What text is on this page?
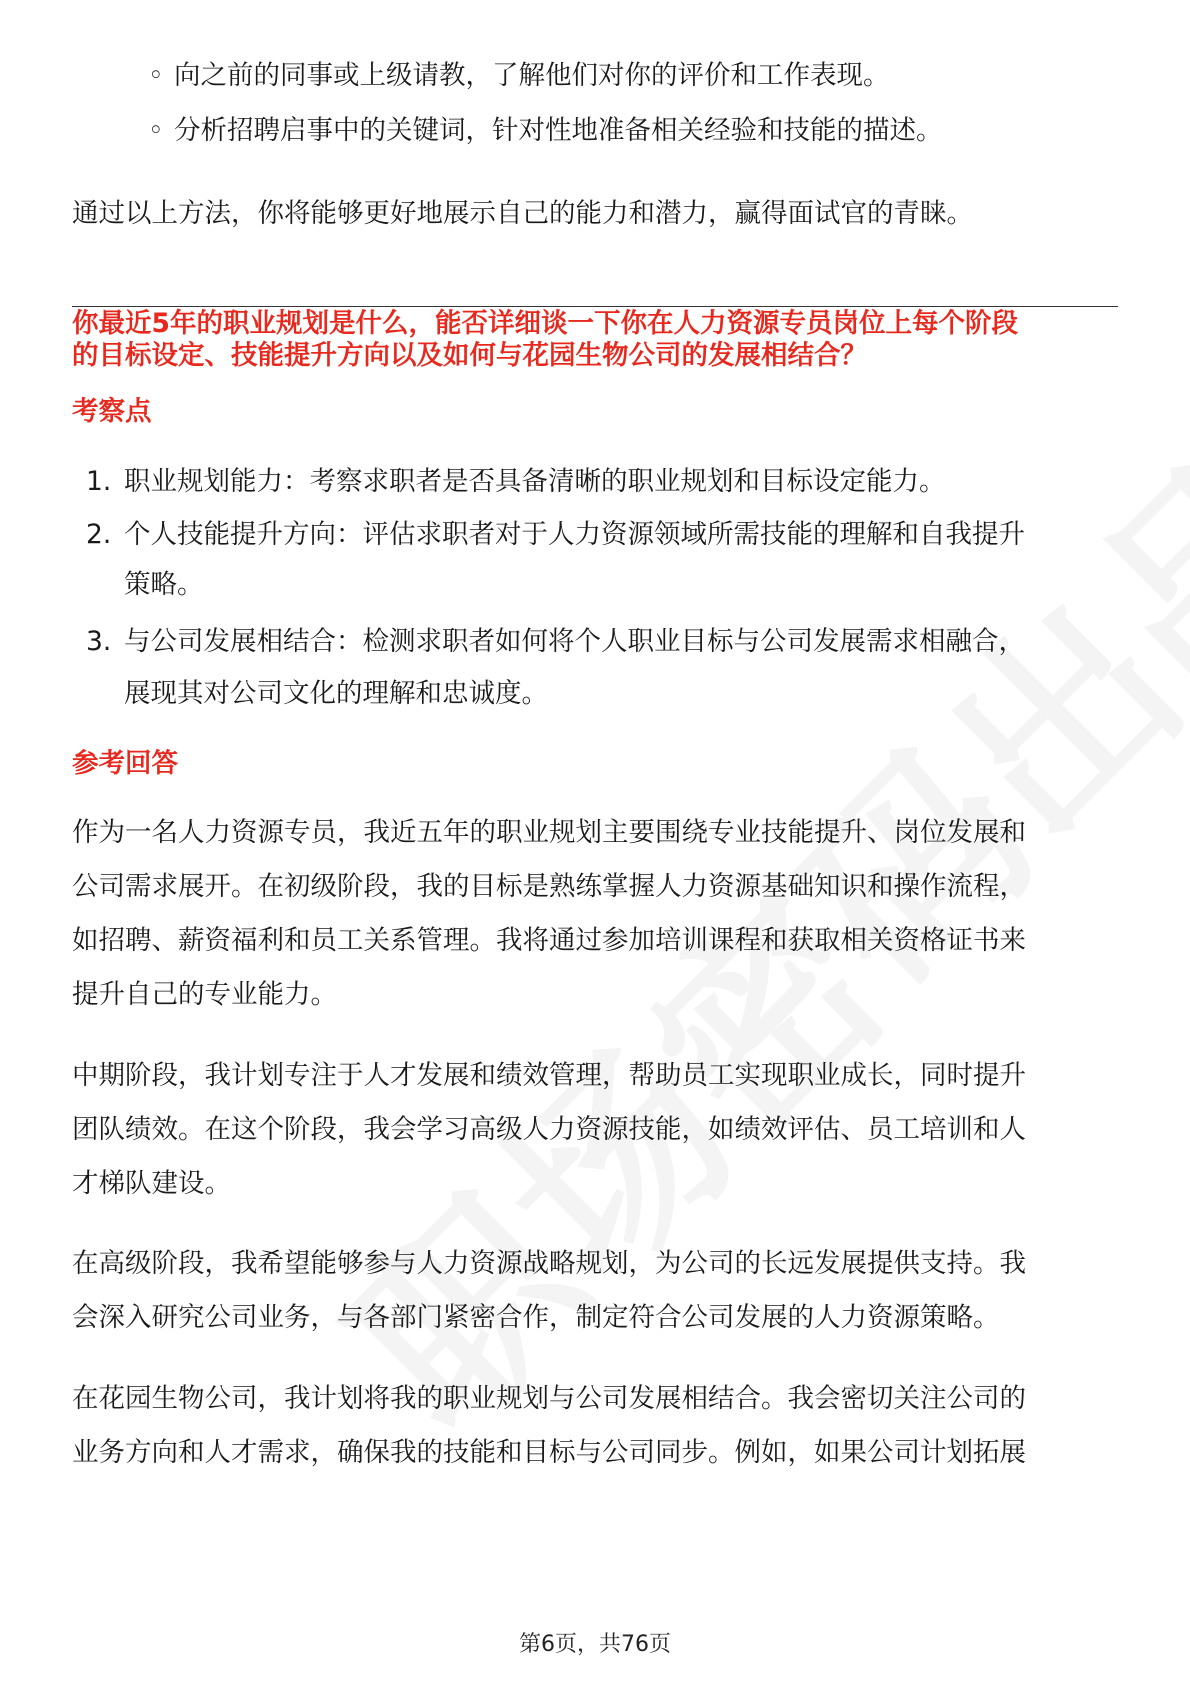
◦ 向之前的同事或上级请教，了解他们对你的评价和工作表现。
◦ 分析招聘启事中的关键词，针对性地准备相关经验和技能的描述。
通过以上方法，你将能够更好地展示自己的能力和潜力，赢得面试官的青睐。
你最近5年的职业规划是什么，能否详细谈一下你在人力资源专员岗位上每个阶段
的目标设定、技能提升方向以及如何与花园生物公司的发展相结合？
考察点
1. 职业规划能力：考察求职者是否具备清晰的职业规划和目标设定能力。
2. 个人技能提升方向：评估求职者对于人力资源领域所需技能的理解和自我提升
策略。
3. 与公司发展相结合：检测求职者如何将个人职业目标与公司发展需求相融合，
展现其对公司文化的理解和忠诚度。
参考回答
作为一名人力资源专员，我近五年的职业规划主要围绕专业技能提升、岗位发展和
公司需求展开。在初级阶段，我的目标是熟练掌握人力资源基础知识和操作流程，
如招聘、薪资福利和员工关系管理。我将通过参加培训课程和获取相关资格证书来
提升自己的专业能力。
中期阶段，我计划专注于人才发展和绩效管理，帮助员工实现职业成长，同时提升
团队绩效。在这个阶段，我会学习高级人力资源技能，如绩效评估、员工培训和人
才梯队建设。
在高级阶段，我希望能够参与人力资源战略规划，为公司的长远发展提供支持。我
会深入研究公司业务，与各部门紧密合作，制定符合公司发展的人力资源策略。
在花园生物公司，我计划将我的职业规划与公司发展相结合。我会密切关注公司的
业务方向和人才需求，确保我的技能和目标与公司同步。例如，如果公司计划拓展
第6页，共76页
